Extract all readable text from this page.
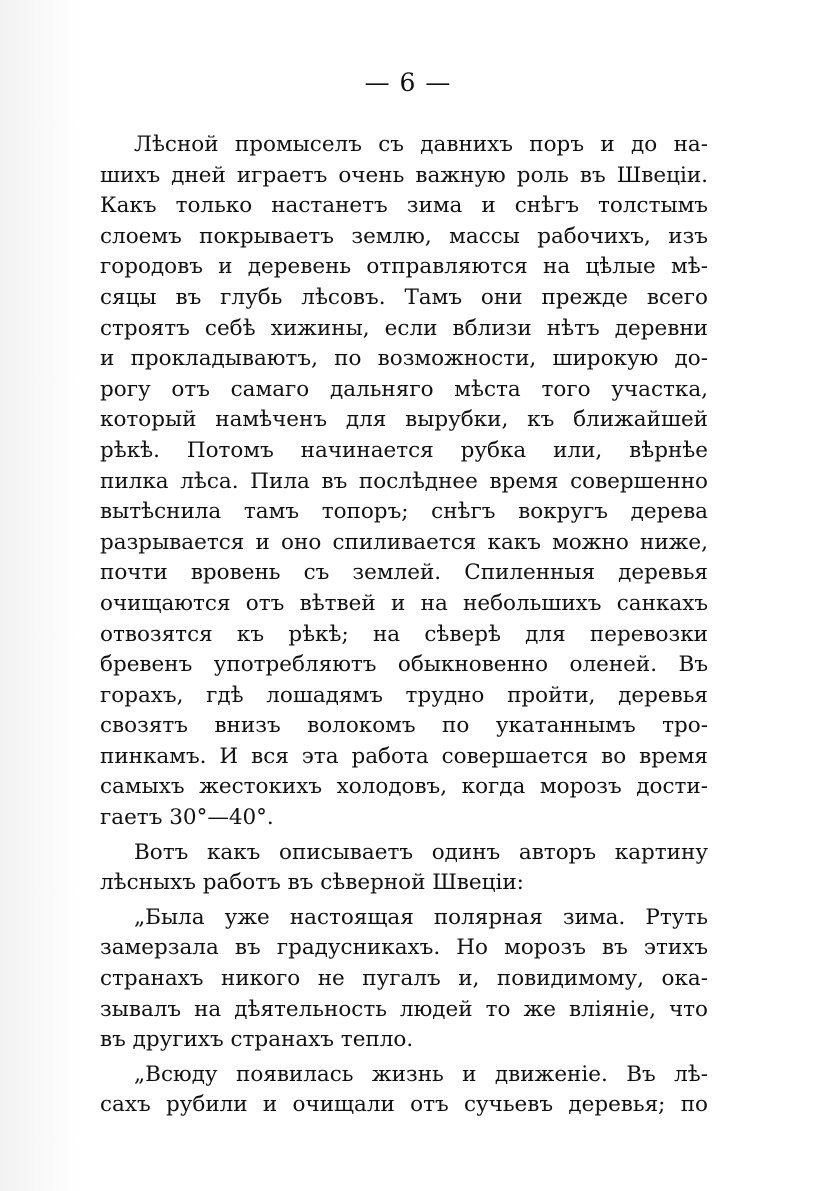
— 6 —
Лѣсной промыселъ съ давнихъ поръ и до на-
шихъ дней играетъ очень важную роль въ Швеціи.
Какъ только настанетъ зима и снѣгъ толстымъ
слоемъ покрываетъ землю, массы рабочихъ, изъ
городовъ и деревень отправляются на цѣлые мѣ-
сяцы въ глубь лѣсовъ. Тамъ они прежде всего
строятъ себѣ хижины, если вблизи нѣтъ деревни
и прокладываютъ, по возможности, широкую до-
рогу отъ самаго дальняго мѣста того участка,
который намѣченъ для вырубки, къ ближайшей
рѣкѣ. Потомъ начинается рубка или, вѣрнѣе
пилка лѣса. Пила въ послѣднее время совершенно
вытѣснила тамъ топоръ; снѣгъ вокругъ дерева
разрывается и оно спиливается какъ можно ниже,
почти вровень съ землей. Спиленныя деревья
очищаются отъ вѣтвей и на небольшихъ санкахъ
отвозятся къ рѣкѣ; на сѣверѣ для перевозки
бревенъ употребляютъ обыкновенно оленей. Въ
горахъ, гдѣ лошадямъ трудно пройти, деревья
свозятъ внизъ волокомъ по укатаннымъ тро-
пинкамъ. И вся эта работа совершается во время
самыхъ жестокихъ холодовъ, когда морозъ дости-
гаетъ 30°—40°.
Вотъ какъ описываетъ одинъ авторъ картину
лѣсныхъ работъ въ сѣверной Швеціи:
„Была уже настоящая полярная зима. Ртуть
замерзала въ градусникахъ. Но морозъ въ этихъ
странахъ никого не пугалъ и, повидимому, ока-
зывалъ на дѣятельность людей то же вліяніе, что
въ другихъ странахъ тепло.
„Всюду появилась жизнь и движеніе. Въ лѣ-
сахъ рубили и очищали отъ сучьевъ деревья; по
